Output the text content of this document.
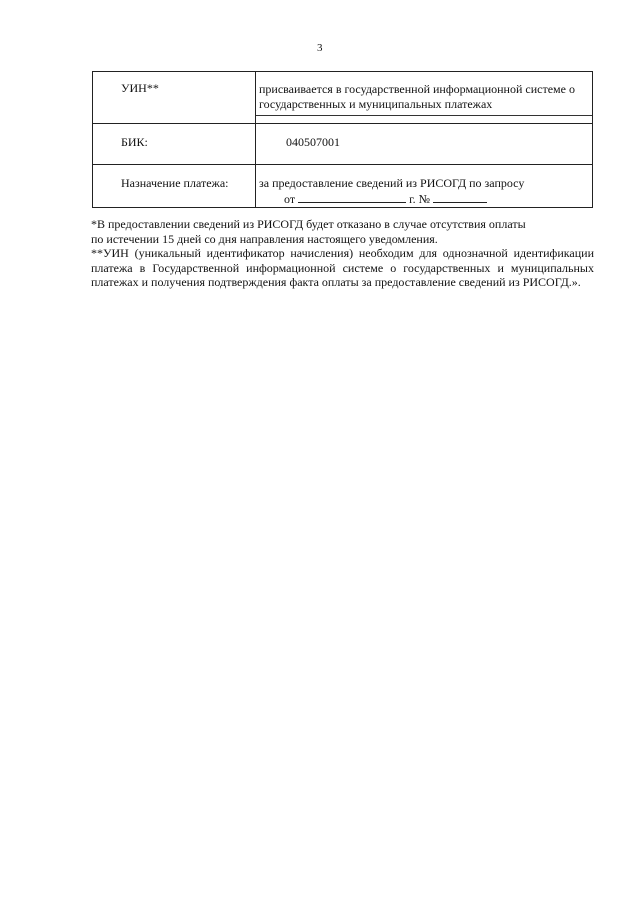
3
УИН**	присваивается в государственной информационной системе о государственных и муниципальных платежах

БИК:	040507001

Назначение платежа:	за предоставление сведений из РИСОГД по запросу
от г. №

*В предоставлении сведений из РИСОГД будет отказано в случае отсутствия оплаты

по истечении 15 дней со дня направления настоящего уведомления.

**УИН (уникальный идентификатор начисления) необходим для однозначной идентификации платежа в Государственной информационной системе о государственных и муниципальных платежах и получения подтверждения факта оплаты за предоставление сведений из РИСОГД.».
